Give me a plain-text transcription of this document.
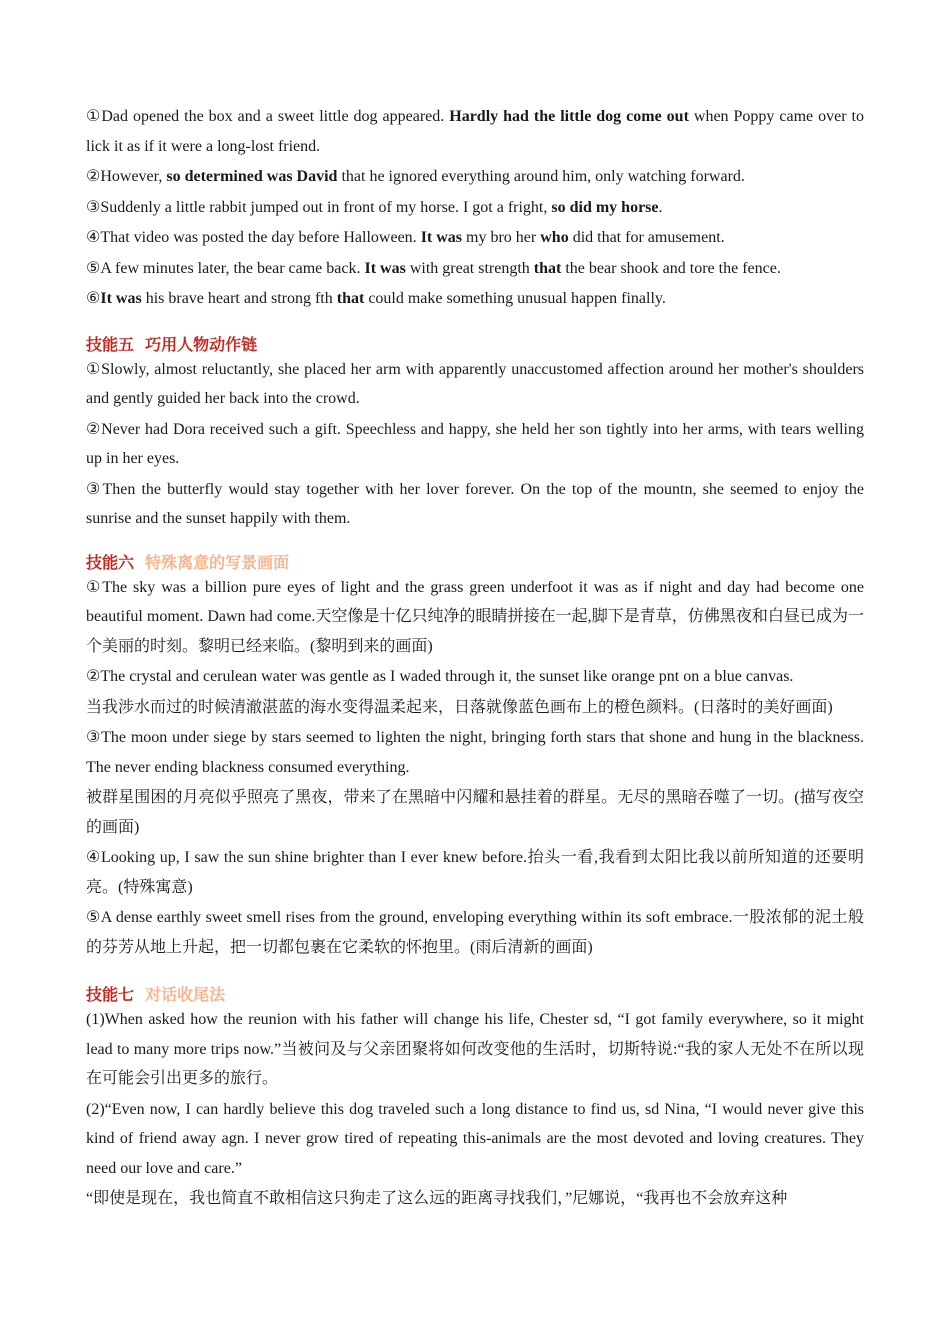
①Dad opened the box and a sweet little dog appeared. Hardly had the little dog come out when Poppy came over to lick it as if it were a long-lost friend.

②However, so determined was David that he ignored everything around him, only watching forward.

③Suddenly a little rabbit jumped out in front of my horse. I got a fright, so did my horse.

④That video was posted the day before Halloween. It was my bro her who did that for amusement.

⑤A few minutes later, the bear came back. It was with great strength that the bear shook and tore the fence.

⑥It was his brave heart and strong fth that could make something unusual happen finally.

技能五 巧用人物动作链

①Slowly, almost reluctantly, she placed her arm with apparently unaccustomed affection around her mother's shoulders and gently guided her back into the crowd.

②Never had Dora received such a gift. Speechless and happy, she held her son tightly into her arms, with tears welling up in her eyes.

③Then the butterfly would stay together with her lover forever. On the top of the mountn, she seemed to enjoy the sunrise and the sunset happily with them.

技能六 特殊离意的写景画面

①The sky was a billion pure eyes of light and the grass green underfoot it was as if night and day had become one beautiful moment. Dawn had come.天空像是十亿只纯净的眼睛拼接在一起,脚下是青草，仿佛黑夜和白昼已成为一个美丽的时刻。黎明已经来临。(黎明到来的画面)

②The crystal and cerulean water was gentle as I waded through it, the sunset like orange pnt on a blue canvas.

当我涉水而过的时候清澈湛蓝的海水变得温柔起来，日落就像蓝色画布上的橙色颜料。(日落时的美好画面)

③The moon under siege by stars seemed to lighten the night, bringing forth stars that shone and hung in the blackness. The never ending blackness consumed everything.

被群星围困的月亮似乎照亮了黑夜，带来了在黑暗中闪耀和悬挂着的群星。无尽的黑暗吞噬了一切。(描写夜空的画面)

④Looking up, I saw the sun shine brighter than I ever knew before.抬头一看,我看到太阳比我以前所知道的还要明亮。(特殊寓意)

⑤A dense earthly sweet smell rises from the ground, enveloping everything within its soft embrace.一股浓郁的泥土般的芬芳从地上升起，把一切都包裹在它柔软的怀抱里。(雨后清新的画面)

技能七 对话收尾法

(1)When asked how the reunion with his father will change his life, Chester sd, “I got family everywhere, so it might lead to many more trips now.”当被问及与父亲团聚将如何改变他的生活时，切斯特说:“我的家人无处不在所以现在可能会引出更多的旅行。

(2)“Even now, I can hardly believe this dog traveled such a long distance to find us, sd Nina, “I would never give this kind of friend away agn. I never grow tired of repeating this-animals are the most devoted and loving creatures. They need our love and care.”

“即使是现在，我也简直不敢相信这只狗走了这么远的距离寻找我们，”尼娜说，“我再也不会放弃这种
